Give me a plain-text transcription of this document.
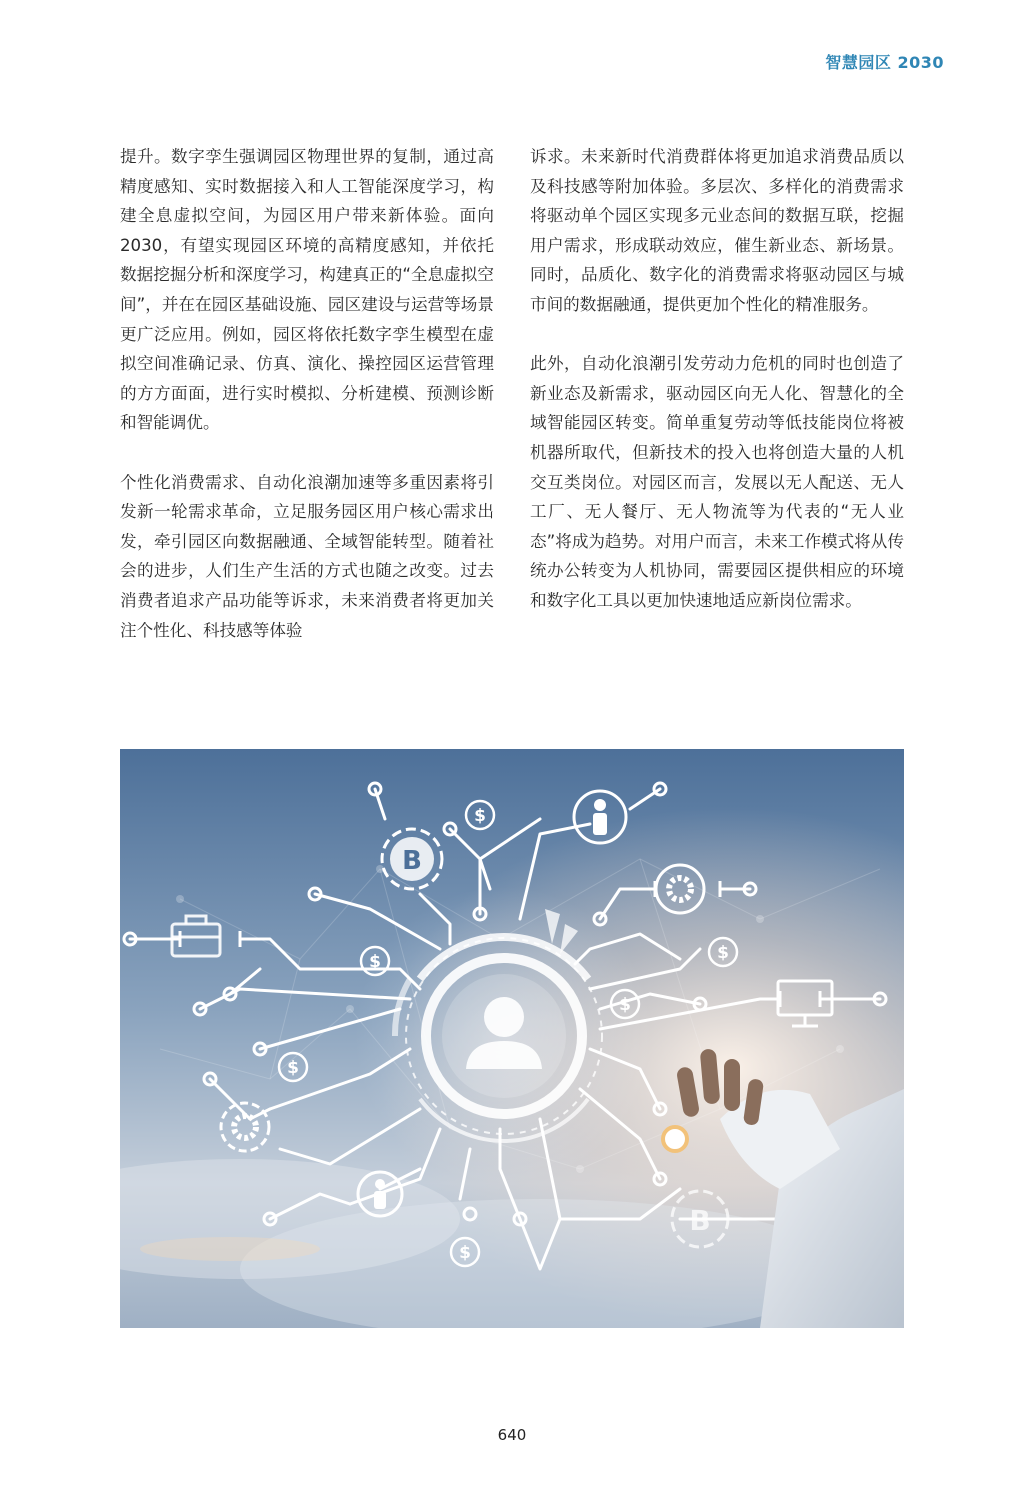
智慧园区 2030

提升。数字孪生强调园区物理世界的复制，通过高精度感知、实时数据接入和人工智能深度学习，构建全息虚拟空间，为园区用户带来新体验。面向 2030，有望实现园区环境的高精度感知，并依托数据挖掘分析和深度学习，构建真正的“全息虚拟空间”，并在在园区基础设施、园区建设与运营等场景更广泛应用。例如，园区将依托数字孪生模型在虚拟空间准确记录、仿真、演化、操控园区运营管理的方方面面，进行实时模拟、分析建模、预测诊断和智能调优。

个性化消费需求、自动化浪潮加速等多重因素将引发新一轮需求革命，立足服务园区用户核心需求出发，牵引园区向数据融通、全域智能转型。随着社会的进步，人们生产生活的方式也随之改变。过去消费者追求产品功能等诉求，未来消费者将更加关注个性化、科技感等体验

诉求。未来新时代消费群体将更加追求消费品质以及科技感等附加体验。多层次、多样化的消费需求将驱动单个园区实现多元业态间的数据互联，挖掘用户需求，形成联动效应，催生新业态、新场景。同时，品质化、数字化的消费需求将驱动园区与城市间的数据融通，提供更加个性化的精准服务。

此外，自动化浪潮引发劳动力危机的同时也创造了新业态及新需求，驱动园区向无人化、智慧化的全域智能园区转变。简单重复劳动等低技能岗位将被机器所取代，但新技术的投入也将创造大量的人机交互类岗位。对园区而言，发展以无人配送、无人工厂、无人餐厅、无人物流等为代表的“无人业态”将成为趋势。对用户而言，未来工作模式将从传统办公转变为人机协同，需要园区提供相应的环境和数字化工具以更加快速地适应新岗位需求。

B
$
$	$
$
$
$
B
640
